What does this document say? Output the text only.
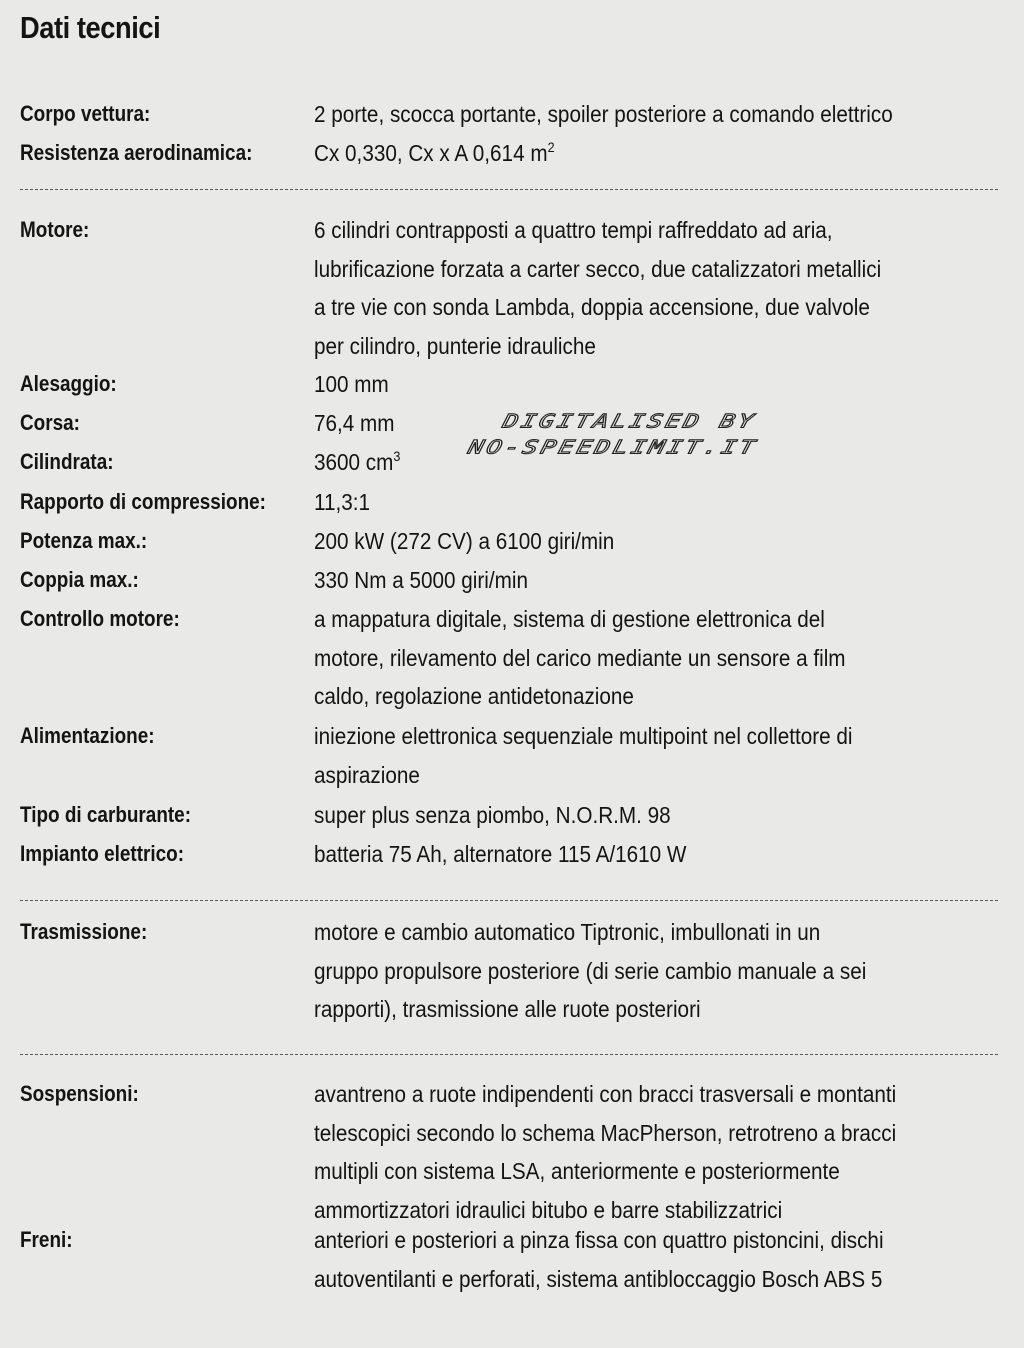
Dati tecnici
Corpo vettura:	2 porte, scocca portante, spoiler posteriore a comando elettrico
Resistenza aerodinamica:	Cx 0,330, Cx x A 0,614 $m^2$
Motore:	6 cilindri contrapposti a quattro tempi raffreddato ad aria,
lubrificazione forzata a carter secco, due catalizzatori metallici
a tre vie con sonda Lambda, doppia accensione, due valvole
per cilindro, punterie idrauliche
Alesaggio:	100 mm
Corsa:	76,4 mm
Cilindrata:	3600 $cm^3$
Rapporto di compressione: 11,3:1
Potenza max.:	200 kW (272 CV) a 6100 giri/min
Coppia max.:	330 Nm a 5000 giri/min
Controllo motore:	a mappatura digitale, sistema di gestione elettronica del
motore, rilevamento del carico mediante un sensore a film
caldo, regolazione antidetonazione
Alimentazione:	iniezione elettronica sequenziale multipoint nel collettore di
aspirazione
Tipo di carburante:	super plus senza piombo, N.O.R.M. 98
Impianto elettrico:	batteria 75 Ah, alternatore 115 A/1610 W
Trasmissione:	motore e cambio automatico Tiptronic, imbullonati in un
gruppo propulsore posteriore (di serie cambio manuale a sei
rapporti), trasmissione alle ruote posteriori
Sospensioni:	avantreno a ruote indipendenti con bracci trasversali e montanti
telescopici secondo lo schema MacPherson, retrotreno a bracci
multipli con sistema LSA, anteriormente e posteriormente
ammortizzatori idraulici bitubo e barre stabilizzatrici
Freni:	anteriori e posteriori a pinza fissa con quattro pistoncini, dischi
autoventilanti e perforati, sistema antibloccaggio Bosch ABS 5
DIGITALISED BY
NO-SPEEDLIMIT.IT
